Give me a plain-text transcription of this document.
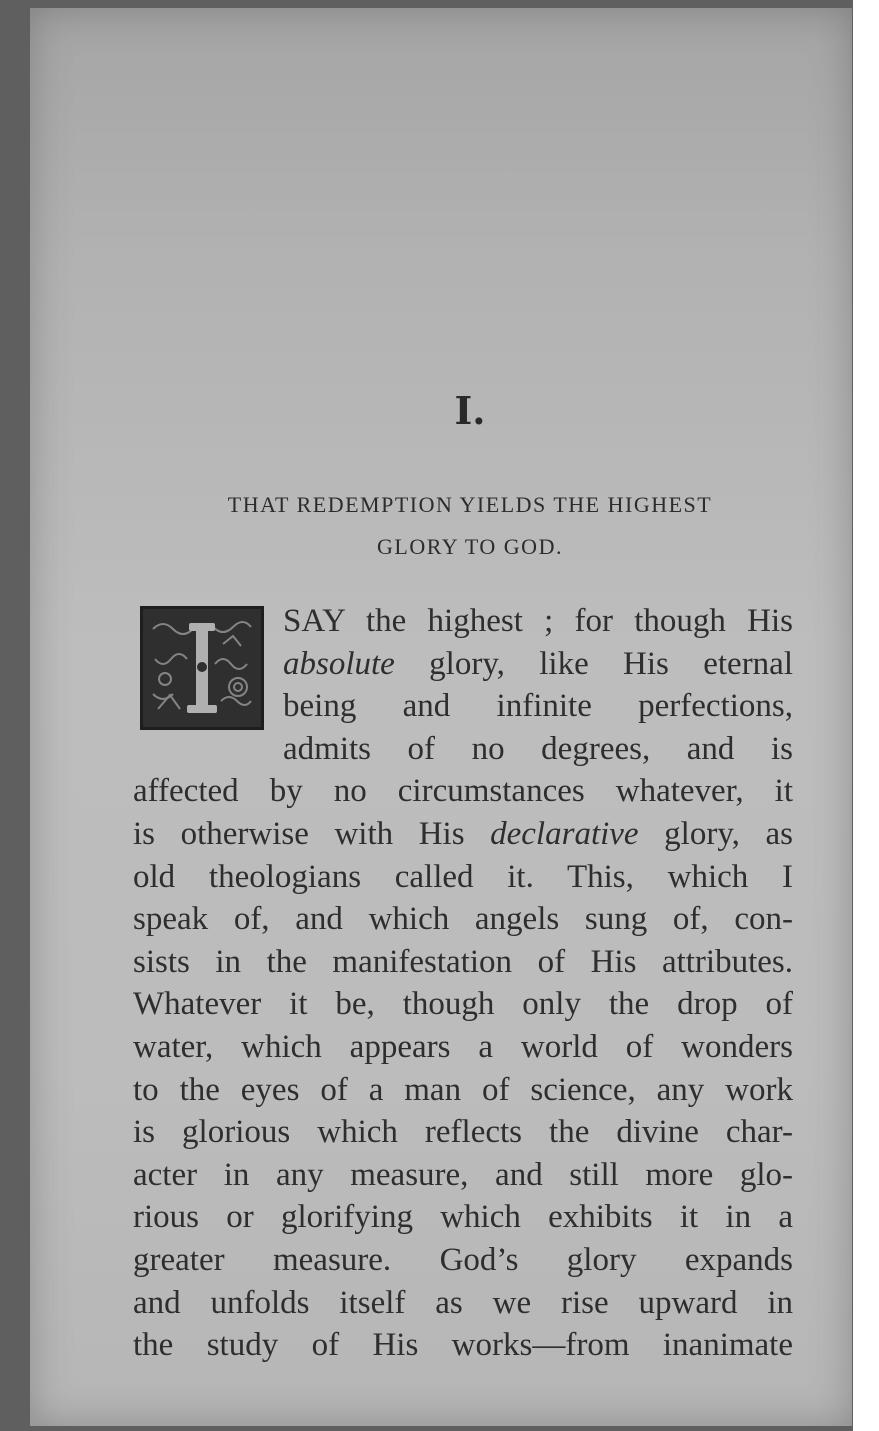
I.
THAT REDEMPTION YIELDS THE HIGHEST
GLORY TO GOD.
SAY the highest ; for though His
absolute glory, like His eternal
being and infinite perfections,
admits of no degrees, and is
affected by no circumstances whatever, it
is otherwise with His declarative glory, as
old theologians called it. This, which I
speak of, and which angels sung of, con-
sists in the manifestation of His attributes.
Whatever it be, though only the drop of
water, which appears a world of wonders
to the eyes of a man of science, any work
is glorious which reflects the divine char-
acter in any measure, and still more glo-
rious or glorifying which exhibits it in a
greater measure. God’s glory expands
and unfolds itself as we rise upward in
the study of His works—from inanimate
